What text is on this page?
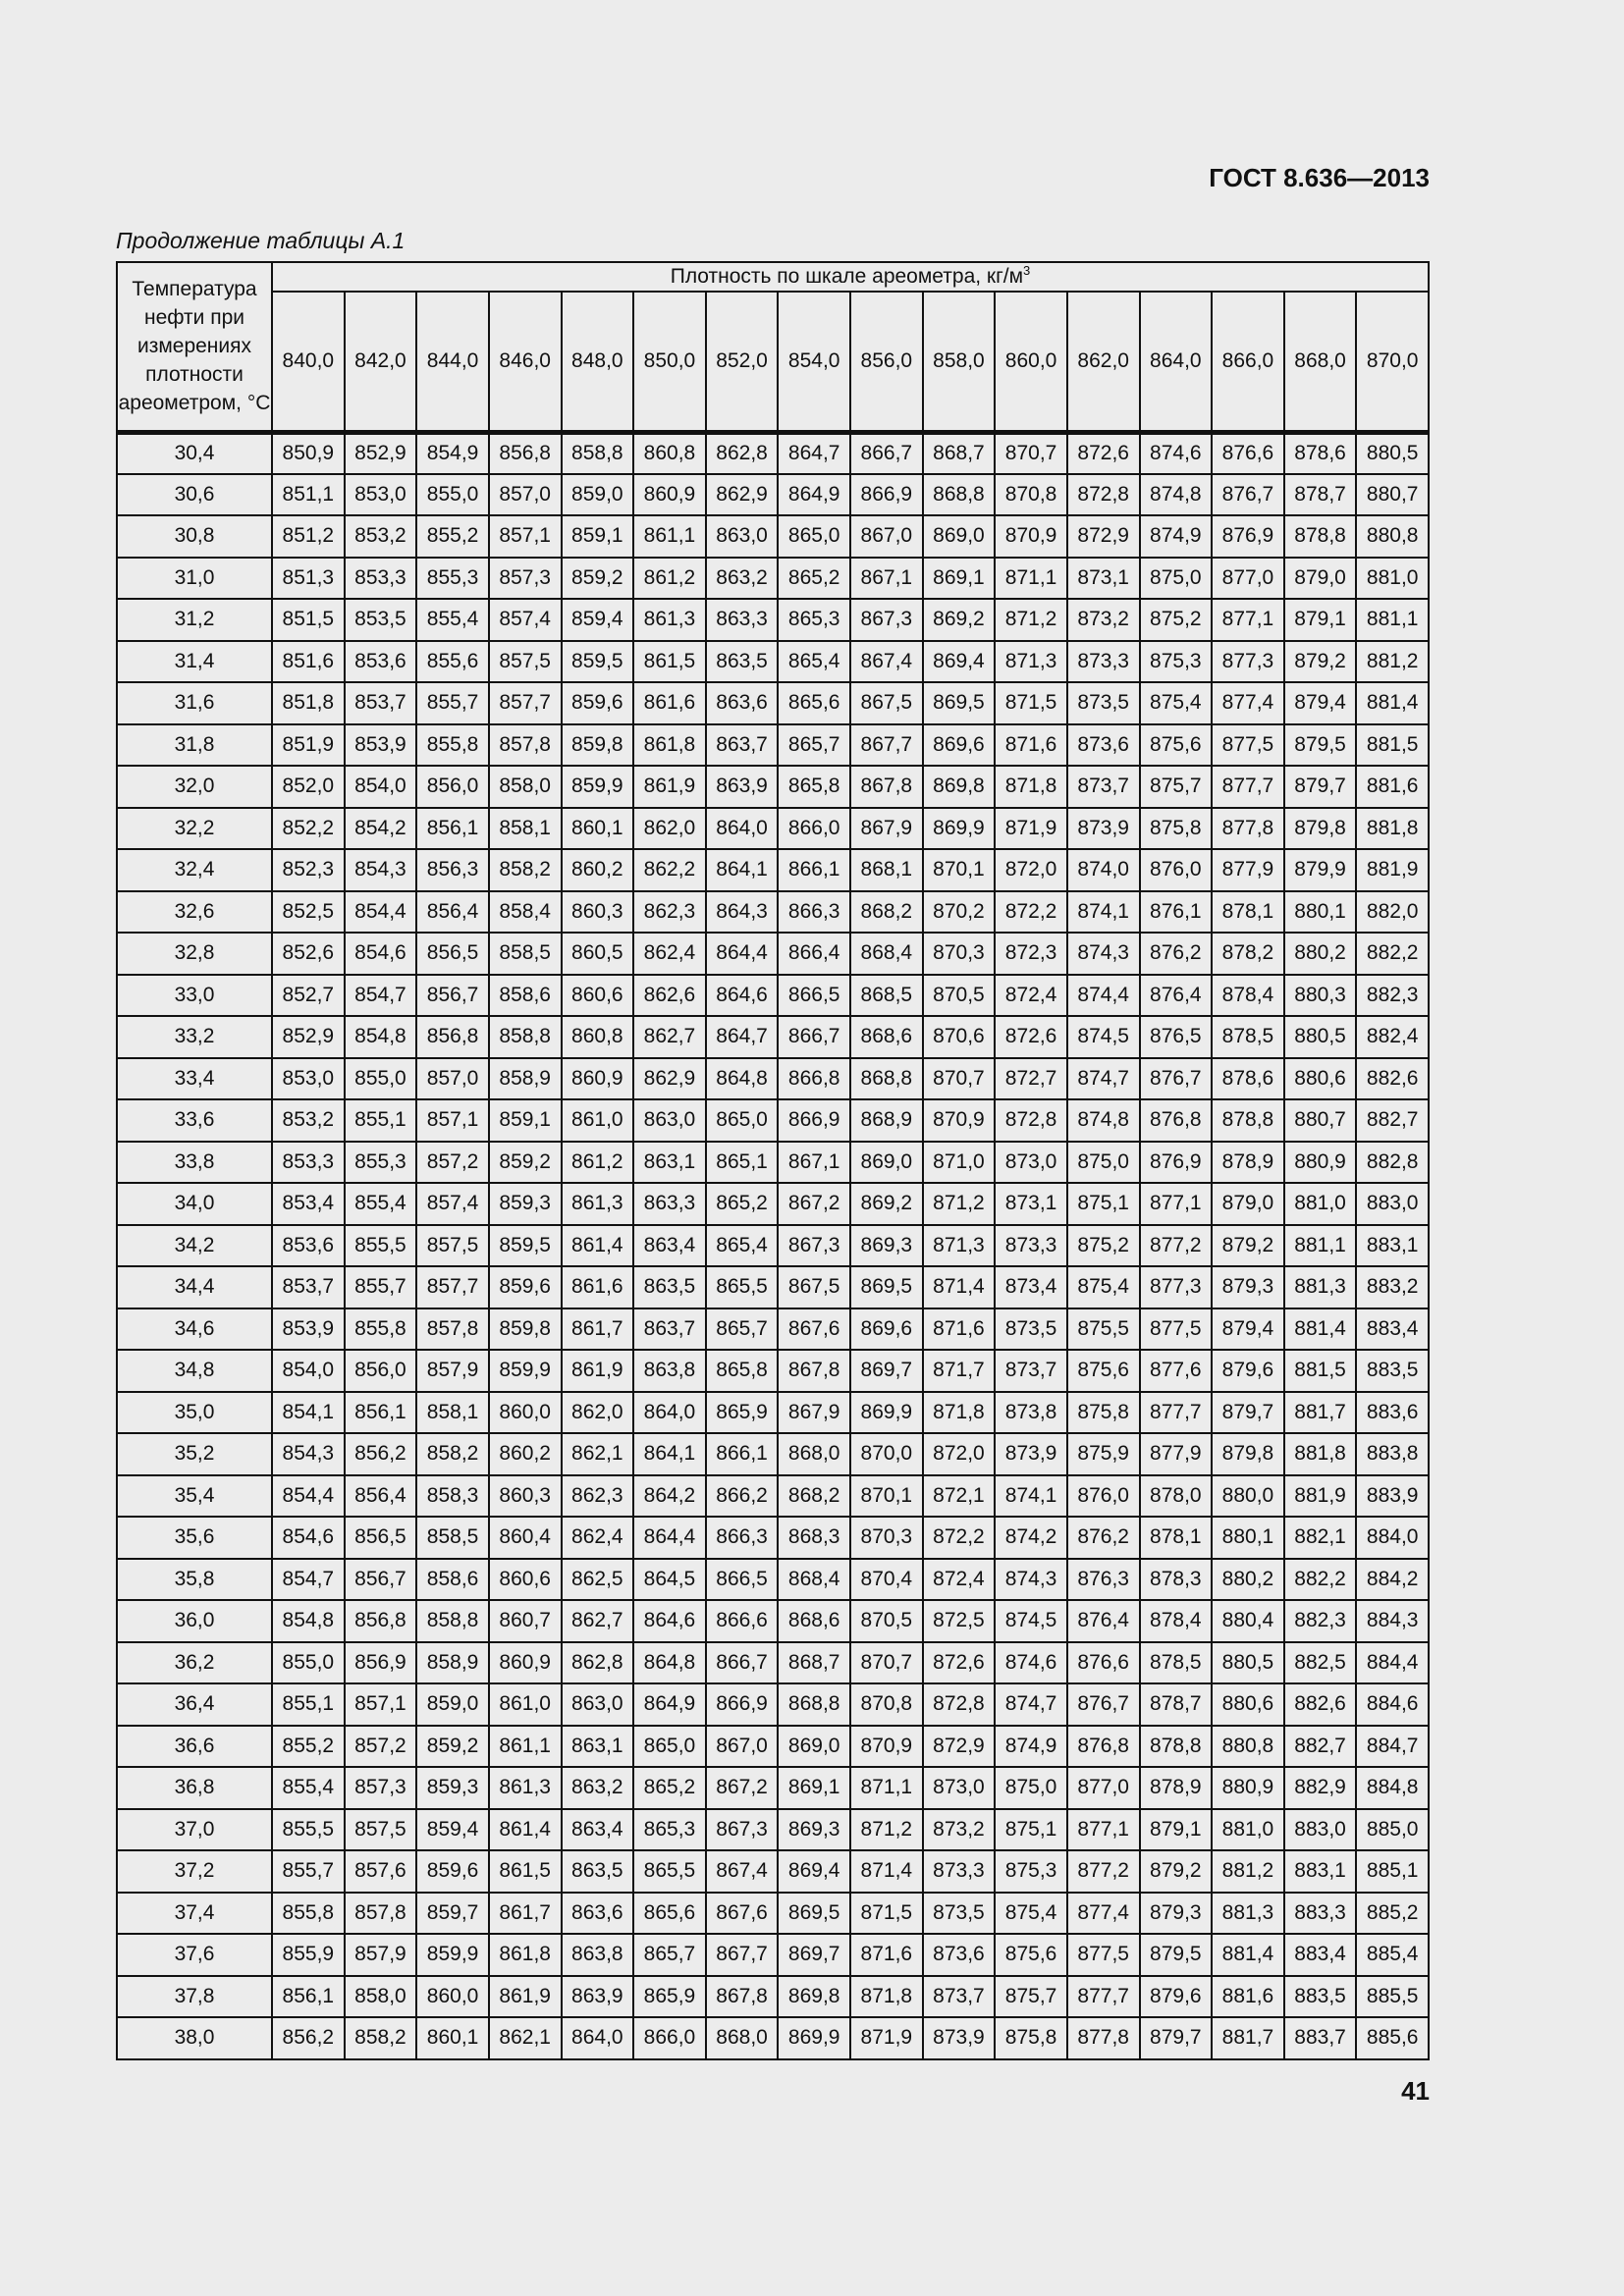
ГОСТ 8.636—2013
Продолжение таблицы А.1
Температура нефти при измерениях плотности ареометром, °С	Плотность по шкале ареометра, $кг/м^3$
	840,0	842,0	844,0	846,0	848,0	850,0	852,0	854,0	856,0	858,0	860,0	862,0	864,0	866,0	868,0	870,0
30,4	850,9	852,9	854,9	856,8	858,8	860,8	862,8	864,7	866,7	868,7	870,7	872,6	874,6	876,6	878,6	880,5
30,6	851,1	853,0	855,0	857,0	859,0	860,9	862,9	864,9	866,9	868,8	870,8	872,8	874,8	876,7	878,7	880,7
30,8	851,2	853,2	855,2	857,1	859,1	861,1	863,0	865,0	867,0	869,0	870,9	872,9	874,9	876,9	878,8	880,8
31,0	851,3	853,3	855,3	857,3	859,2	861,2	863,2	865,2	867,1	869,1	871,1	873,1	875,0	877,0	879,0	881,0
31,2	851,5	853,5	855,4	857,4	859,4	861,3	863,3	865,3	867,3	869,2	871,2	873,2	875,2	877,1	879,1	881,1
31,4	851,6	853,6	855,6	857,5	859,5	861,5	863,5	865,4	867,4	869,4	871,3	873,3	875,3	877,3	879,2	881,2
31,6	851,8	853,7	855,7	857,7	859,6	861,6	863,6	865,6	867,5	869,5	871,5	873,5	875,4	877,4	879,4	881,4
31,8	851,9	853,9	855,8	857,8	859,8	861,8	863,7	865,7	867,7	869,6	871,6	873,6	875,6	877,5	879,5	881,5
32,0	852,0	854,0	856,0	858,0	859,9	861,9	863,9	865,8	867,8	869,8	871,8	873,7	875,7	877,7	879,7	881,6
32,2	852,2	854,2	856,1	858,1	860,1	862,0	864,0	866,0	867,9	869,9	871,9	873,9	875,8	877,8	879,8	881,8
32,4	852,3	854,3	856,3	858,2	860,2	862,2	864,1	866,1	868,1	870,1	872,0	874,0	876,0	877,9	879,9	881,9
32,6	852,5	854,4	856,4	858,4	860,3	862,3	864,3	866,3	868,2	870,2	872,2	874,1	876,1	878,1	880,1	882,0
32,8	852,6	854,6	856,5	858,5	860,5	862,4	864,4	866,4	868,4	870,3	872,3	874,3	876,2	878,2	880,2	882,2
33,0	852,7	854,7	856,7	858,6	860,6	862,6	864,6	866,5	868,5	870,5	872,4	874,4	876,4	878,4	880,3	882,3
33,2	852,9	854,8	856,8	858,8	860,8	862,7	864,7	866,7	868,6	870,6	872,6	874,5	876,5	878,5	880,5	882,4
33,4	853,0	855,0	857,0	858,9	860,9	862,9	864,8	866,8	868,8	870,7	872,7	874,7	876,7	878,6	880,6	882,6
33,6	853,2	855,1	857,1	859,1	861,0	863,0	865,0	866,9	868,9	870,9	872,8	874,8	876,8	878,8	880,7	882,7
33,8	853,3	855,3	857,2	859,2	861,2	863,1	865,1	867,1	869,0	871,0	873,0	875,0	876,9	878,9	880,9	882,8
34,0	853,4	855,4	857,4	859,3	861,3	863,3	865,2	867,2	869,2	871,2	873,1	875,1	877,1	879,0	881,0	883,0
34,2	853,6	855,5	857,5	859,5	861,4	863,4	865,4	867,3	869,3	871,3	873,3	875,2	877,2	879,2	881,1	883,1
34,4	853,7	855,7	857,7	859,6	861,6	863,5	865,5	867,5	869,5	871,4	873,4	875,4	877,3	879,3	881,3	883,2
34,6	853,9	855,8	857,8	859,8	861,7	863,7	865,7	867,6	869,6	871,6	873,5	875,5	877,5	879,4	881,4	883,4
34,8	854,0	856,0	857,9	859,9	861,9	863,8	865,8	867,8	869,7	871,7	873,7	875,6	877,6	879,6	881,5	883,5
35,0	854,1	856,1	858,1	860,0	862,0	864,0	865,9	867,9	869,9	871,8	873,8	875,8	877,7	879,7	881,7	883,6
35,2	854,3	856,2	858,2	860,2	862,1	864,1	866,1	868,0	870,0	872,0	873,9	875,9	877,9	879,8	881,8	883,8
35,4	854,4	856,4	858,3	860,3	862,3	864,2	866,2	868,2	870,1	872,1	874,1	876,0	878,0	880,0	881,9	883,9
35,6	854,6	856,5	858,5	860,4	862,4	864,4	866,3	868,3	870,3	872,2	874,2	876,2	878,1	880,1	882,1	884,0
35,8	854,7	856,7	858,6	860,6	862,5	864,5	866,5	868,4	870,4	872,4	874,3	876,3	878,3	880,2	882,2	884,2
36,0	854,8	856,8	858,8	860,7	862,7	864,6	866,6	868,6	870,5	872,5	874,5	876,4	878,4	880,4	882,3	884,3
36,2	855,0	856,9	858,9	860,9	862,8	864,8	866,7	868,7	870,7	872,6	874,6	876,6	878,5	880,5	882,5	884,4
36,4	855,1	857,1	859,0	861,0	863,0	864,9	866,9	868,8	870,8	872,8	874,7	876,7	878,7	880,6	882,6	884,6
36,6	855,2	857,2	859,2	861,1	863,1	865,0	867,0	869,0	870,9	872,9	874,9	876,8	878,8	880,8	882,7	884,7
36,8	855,4	857,3	859,3	861,3	863,2	865,2	867,2	869,1	871,1	873,0	875,0	877,0	878,9	880,9	882,9	884,8
37,0	855,5	857,5	859,4	861,4	863,4	865,3	867,3	869,3	871,2	873,2	875,1	877,1	879,1	881,0	883,0	885,0
37,2	855,7	857,6	859,6	861,5	863,5	865,5	867,4	869,4	871,4	873,3	875,3	877,2	879,2	881,2	883,1	885,1
37,4	855,8	857,8	859,7	861,7	863,6	865,6	867,6	869,5	871,5	873,5	875,4	877,4	879,3	881,3	883,3	885,2
37,6	855,9	857,9	859,9	861,8	863,8	865,7	867,7	869,7	871,6	873,6	875,6	877,5	879,5	881,4	883,4	885,4
37,8	856,1	858,0	860,0	861,9	863,9	865,9	867,8	869,8	871,8	873,7	875,7	877,7	879,6	881,6	883,5	885,5
38,0	856,2	858,2	860,1	862,1	864,0	866,0	868,0	869,9	871,9	873,9	875,8	877,8	879,7	881,7	883,7	885,6
41
